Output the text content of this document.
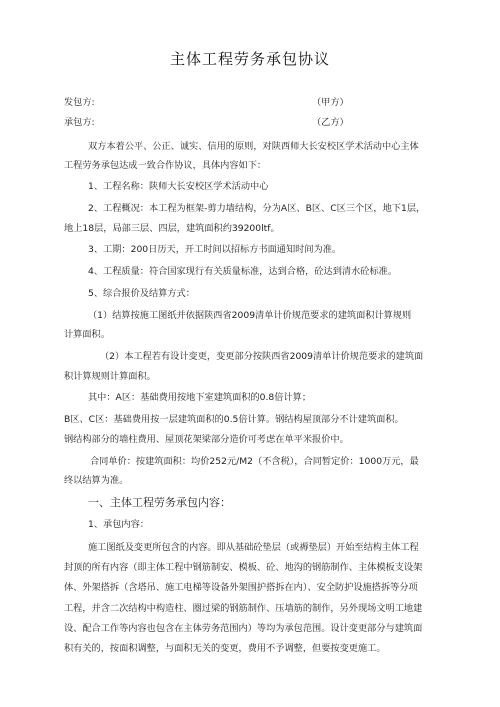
主体工程劳务承包协议
发包方:	（甲方）
承包方:	（乙方）
双方本着公平、公正、诚实、信用的原则，对陕西师大长安校区学术活动中心主体
工程劳务承包达成一致合作协议，具体内容如下：
1、工程名称：陕师大长安校区学术活动中心
2、工程概况：本工程为框架-剪力墙结构，分为A区、B区、C区三个区，地下1层，
地上18层，局部三层、四层，建筑面积约39200ltf。
3、工期：200日历天，开工时间以招标方书面通知时间为准。
4、工程质量：符合国家现行有关质量标准，达到合格，砼达到清水砼标准。
5、综合报价及结算方式：
（1）结算按施工图纸并依据陕西省2009清单计价规范要求的建筑面积计算规则
计算面积。
（2）本工程若有设计变更，变更部分按陕西省2009清单计价规范要求的建筑面
积计算规则计算面积。
其中：A区：基础费用按地下室建筑面积的0.8倍计算；
B区、C区：基础费用按一层建筑面积的0.5倍计算。钢结构屋顶部分不计建筑面积。
钢结构部分的墙柱费用、屋顶花架梁部分造价可考虑在单平米报价中。
合同单价：按建筑面积：均价252元/M2（不含税），合同暂定价：1000万元，最
终以结算为准。
一、主体工程劳务承包内容：
1、承包内容：
施工图纸及变更所包含的内容。即从基础砼垫层（或褥垫层）开始至结构主体工程
封顶的所有内容（即主体工程中钢筋制安、模板、砼、地沟的钢筋制作、主体模板支设架
体、外架搭拆（含塔吊、施工电梯等设备外架围护搭拆在内）、安全防护设施搭拆等分项
工程，并含二次结构中构造柱、圈过梁的钢筋制作、压墙筋的制作，另外现场文明工地建
设、配合工作等内容也包含在主体劳务范围内）等均为承包范围。设计变更部分与建筑面
积有关的，按面积调整，与面积无关的变更，费用不予调整，但要按变更施工。
